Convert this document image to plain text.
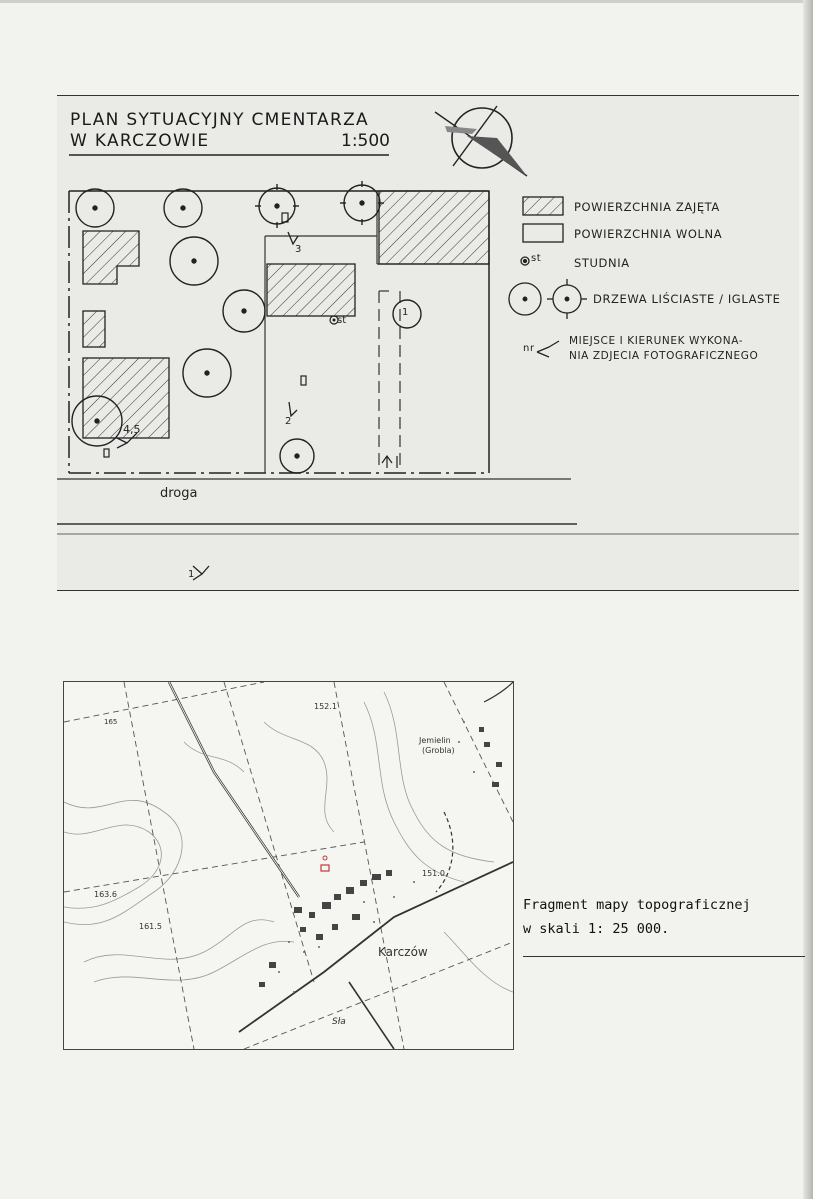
PLAN SYTUACYJNY CMENTARZA

W KARCZOWIE	1:500

POWIERZCHNIA ZAJĘTA

POWIERZCHNIA WOLNA

st	STUDNIA

DRZEWA LIŚCIASTE / IGLASTE

nr

MIEJSCE I KIERUNEK WYKONA-

NIA ZDJECIA FOTOGRAFICZNEGO

droga

st

1

2

3

4,5

1

152.1

163.6

161.5

151.0

165

Jemielin

(Grobla)

Karczów

Sła

Fragment mapy topograficznej
w skali 1: 25 000.
